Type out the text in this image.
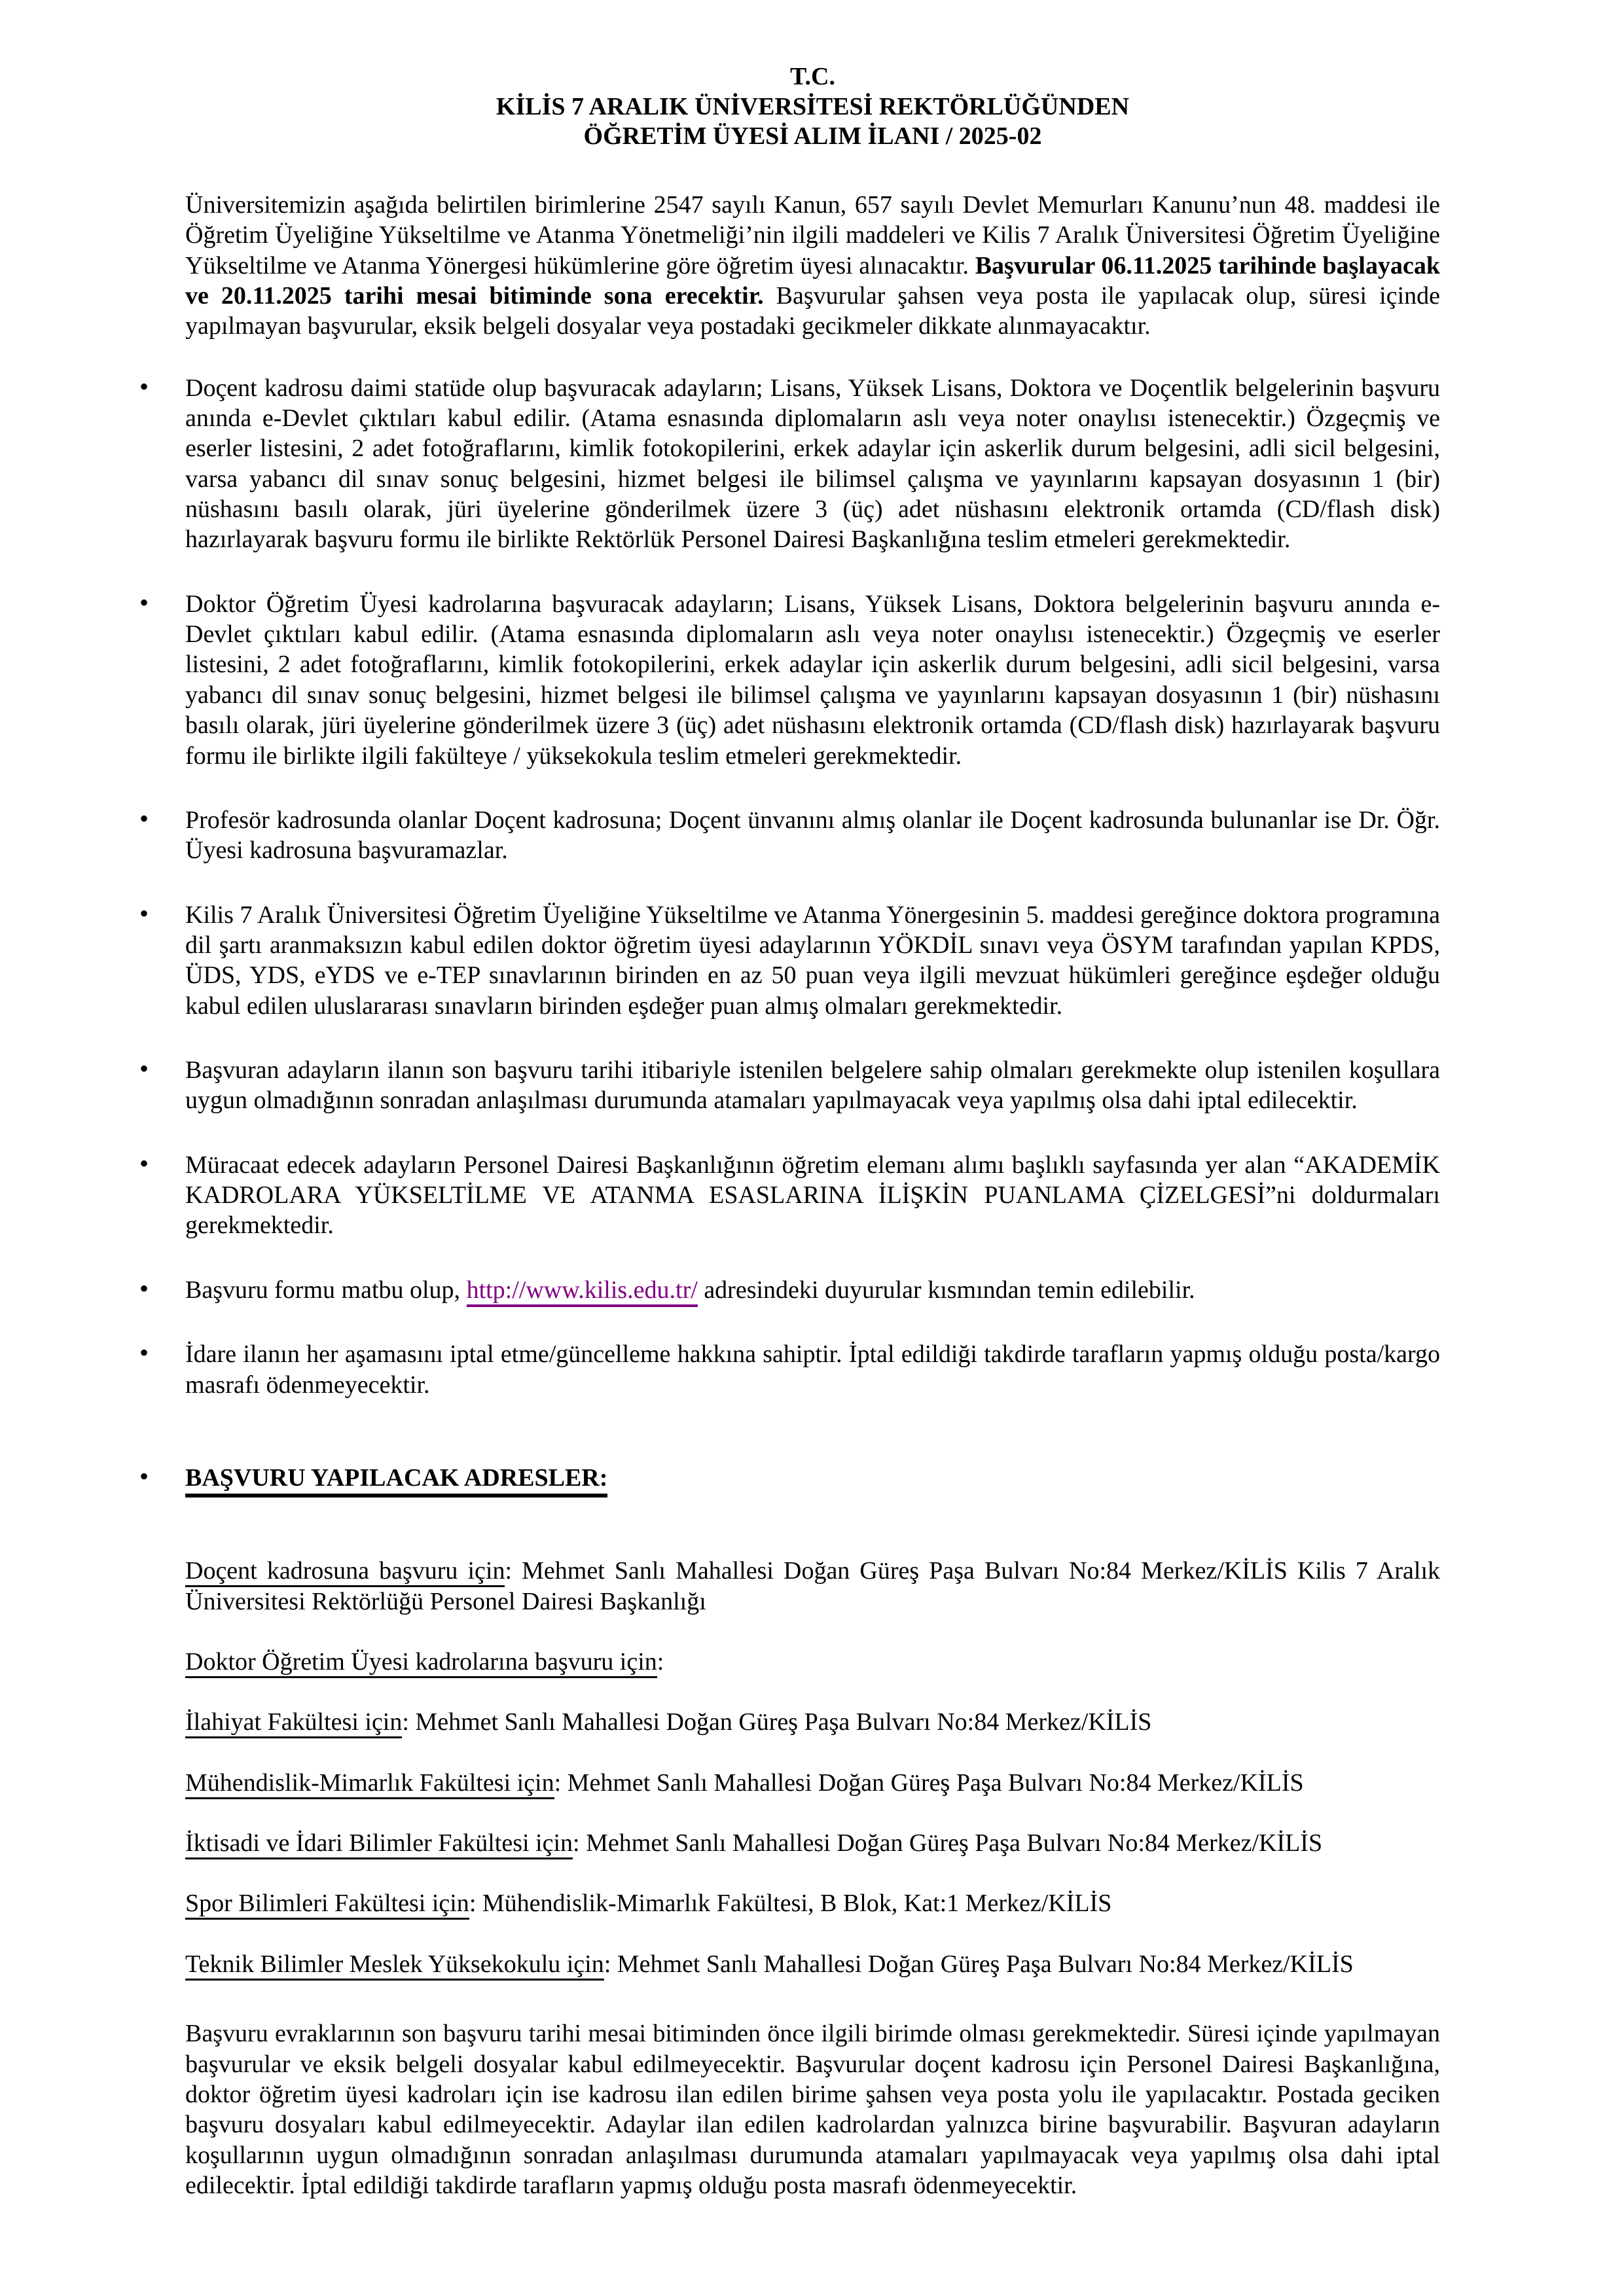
T.C.
KİLİS 7 ARALIK ÜNİVERSİTESİ REKTÖRLÜĞÜNDEN
ÖĞRETİM ÜYESİ ALIM İLANI / 2025-02

Üniversitemizin aşağıda belirtilen birimlerine 2547 sayılı Kanun, 657 sayılı Devlet Memurları Kanunu’nun 48. maddesi ile Öğretim Üyeliğine Yükseltilme ve Atanma Yönetmeliği’nin ilgili maddeleri ve Kilis 7 Aralık Üniversitesi Öğretim Üyeliğine Yükseltilme ve Atanma Yönergesi hükümlerine göre öğretim üyesi alınacaktır. Başvurular 06.11.2025 tarihinde başlayacak ve 20.11.2025 tarihi mesai bitiminde sona erecektir. Başvurular şahsen veya posta ile yapılacak olup, süresi içinde yapılmayan başvurular, eksik belgeli dosyalar veya postadaki gecikmeler dikkate alınmayacaktır.

• Doçent kadrosu daimi statüde olup başvuracak adayların; Lisans, Yüksek Lisans, Doktora ve Doçentlik belgelerinin başvuru anında e-Devlet çıktıları kabul edilir. (Atama esnasında diplomaların aslı veya noter onaylısı istenecektir.) Özgeçmiş ve eserler listesini, 2 adet fotoğraflarını, kimlik fotokopilerini, erkek adaylar için askerlik durum belgesini, adli sicil belgesini, varsa yabancı dil sınav sonuç belgesini, hizmet belgesi ile bilimsel çalışma ve yayınlarını kapsayan dosyasının 1 (bir) nüshasını basılı olarak, jüri üyelerine gönderilmek üzere 3 (üç) adet nüshasını elektronik ortamda (CD/flash disk) hazırlayarak başvuru formu ile birlikte Rektörlük Personel Dairesi Başkanlığına teslim etmeleri gerekmektedir.

• Doktor Öğretim Üyesi kadrolarına başvuracak adayların; Lisans, Yüksek Lisans, Doktora belgelerinin başvuru anında e-Devlet çıktıları kabul edilir. (Atama esnasında diplomaların aslı veya noter onaylısı istenecektir.) Özgeçmiş ve eserler listesini, 2 adet fotoğraflarını, kimlik fotokopilerini, erkek adaylar için askerlik durum belgesini, adli sicil belgesini, varsa yabancı dil sınav sonuç belgesini, hizmet belgesi ile bilimsel çalışma ve yayınlarını kapsayan dosyasının 1 (bir) nüshasını basılı olarak, jüri üyelerine gönderilmek üzere 3 (üç) adet nüshasını elektronik ortamda (CD/flash disk) hazırlayarak başvuru formu ile birlikte ilgili fakülteye / yüksekokula teslim etmeleri gerekmektedir.

• Profesör kadrosunda olanlar Doçent kadrosuna; Doçent ünvanını almış olanlar ile Doçent kadrosunda bulunanlar ise Dr. Öğr. Üyesi kadrosuna başvuramazlar.

• Kilis 7 Aralık Üniversitesi Öğretim Üyeliğine Yükseltilme ve Atanma Yönergesinin 5. maddesi gereğince doktora programına dil şartı aranmaksızın kabul edilen doktor öğretim üyesi adaylarının YÖKDİL sınavı veya ÖSYM tarafından yapılan KPDS, ÜDS, YDS, eYDS ve e-TEP sınavlarının birinden en az 50 puan veya ilgili mevzuat hükümleri gereğince eşdeğer olduğu kabul edilen uluslararası sınavların birinden eşdeğer puan almış olmaları gerekmektedir.

• Başvuran adayların ilanın son başvuru tarihi itibariyle istenilen belgelere sahip olmaları gerekmekte olup istenilen koşullara uygun olmadığının sonradan anlaşılması durumunda atamaları yapılmayacak veya yapılmış olsa dahi iptal edilecektir.

• Müracaat edecek adayların Personel Dairesi Başkanlığının öğretim elemanı alımı başlıklı sayfasında yer alan “AKADEMİK KADROLARA YÜKSELTİLME VE ATANMA ESASLARINA İLİŞKİN PUANLAMA ÇİZELGESİ”ni doldurmaları gerekmektedir.

• Başvuru formu matbu olup, http://www.kilis.edu.tr/ adresindeki duyurular kısmından temin edilebilir.

• İdare ilanın her aşamasını iptal etme/güncelleme hakkına sahiptir. İptal edildiği takdirde tarafların yapmış olduğu posta/kargo masrafı ödenmeyecektir.

• BAŞVURU YAPILACAK ADRESLER:

Doçent kadrosuna başvuru için: Mehmet Sanlı Mahallesi Doğan Güreş Paşa Bulvarı No:84 Merkez/KİLİS Kilis 7 Aralık Üniversitesi Rektörlüğü Personel Dairesi Başkanlığı

Doktor Öğretim Üyesi kadrolarına başvuru için:

İlahiyat Fakültesi için: Mehmet Sanlı Mahallesi Doğan Güreş Paşa Bulvarı No:84 Merkez/KİLİS

Mühendislik-Mimarlık Fakültesi için: Mehmet Sanlı Mahallesi Doğan Güreş Paşa Bulvarı No:84 Merkez/KİLİS

İktisadi ve İdari Bilimler Fakültesi için: Mehmet Sanlı Mahallesi Doğan Güreş Paşa Bulvarı No:84 Merkez/KİLİS

Spor Bilimleri Fakültesi için: Mühendislik-Mimarlık Fakültesi, B Blok, Kat:1 Merkez/KİLİS

Teknik Bilimler Meslek Yüksekokulu için: Mehmet Sanlı Mahallesi Doğan Güreş Paşa Bulvarı No:84 Merkez/KİLİS

Başvuru evraklarının son başvuru tarihi mesai bitiminden önce ilgili birimde olması gerekmektedir. Süresi içinde yapılmayan başvurular ve eksik belgeli dosyalar kabul edilmeyecektir. Başvurular doçent kadrosu için Personel Dairesi Başkanlığına, doktor öğretim üyesi kadroları için ise kadrosu ilan edilen birime şahsen veya posta yolu ile yapılacaktır. Postada geciken başvuru dosyaları kabul edilmeyecektir. Adaylar ilan edilen kadrolardan yalnızca birine başvurabilir. Başvuran adayların koşullarının uygun olmadığının sonradan anlaşılması durumunda atamaları yapılmayacak veya yapılmış olsa dahi iptal edilecektir. İptal edildiği takdirde tarafların yapmış olduğu posta masrafı ödenmeyecektir.
